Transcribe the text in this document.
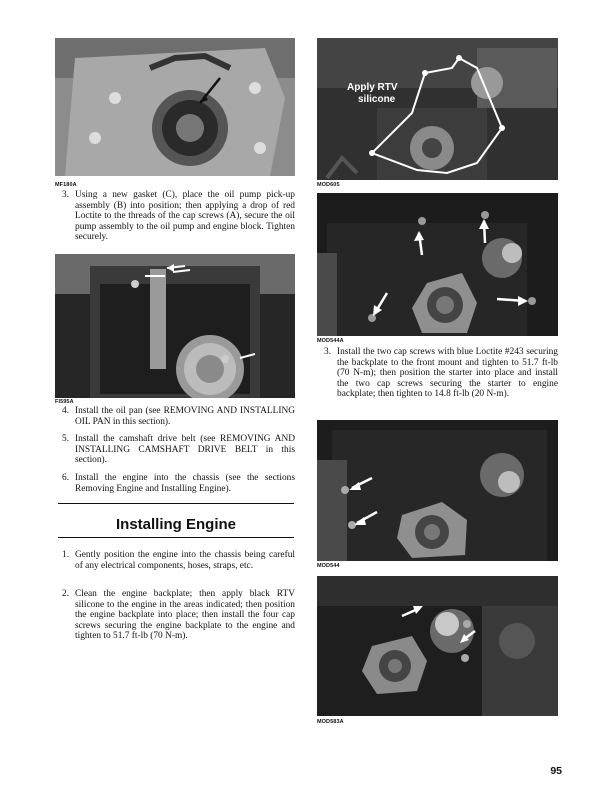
MF180A
3. Using a new gasket (C), place the oil pump pick-up assembly (B) into position; then applying a drop of red Loctite to the threads of the cap screws (A), secure the oil pump assembly to the oil pump and engine block. Tighten securely.
FI595A
4. Install the oil pan (see REMOVING AND INSTALLING OIL PAN in this section).
5. Install the camshaft drive belt (see REMOVING AND INSTALLING CAMSHAFT DRIVE BELT in this section).
6. Install the engine into the chassis (see the sections Removing Engine and Installing Engine).
Installing Engine
1. Gently position the engine into the chassis being careful of any electrical components, hoses, straps, etc.
2. Clean the engine backplate; then apply black RTV silicone to the engine in the areas indicated; then position the engine backplate into place; then install the four cap screws securing the engine backplate to the engine and tighten to 51.7 ft-lb (70 N-m).
Apply RTV
silicone
MOD605
MOD544A
3. Install the two cap screws with blue Loctite #243 securing the backplate to the front mount and tighten to 51.7 ft-lb (70 N-m); then position the starter into place and install the two cap screws securing the starter to engine backplate; then tighten to 14.8 ft-lb (20 N-m).
MOD544
MOD583A
95
